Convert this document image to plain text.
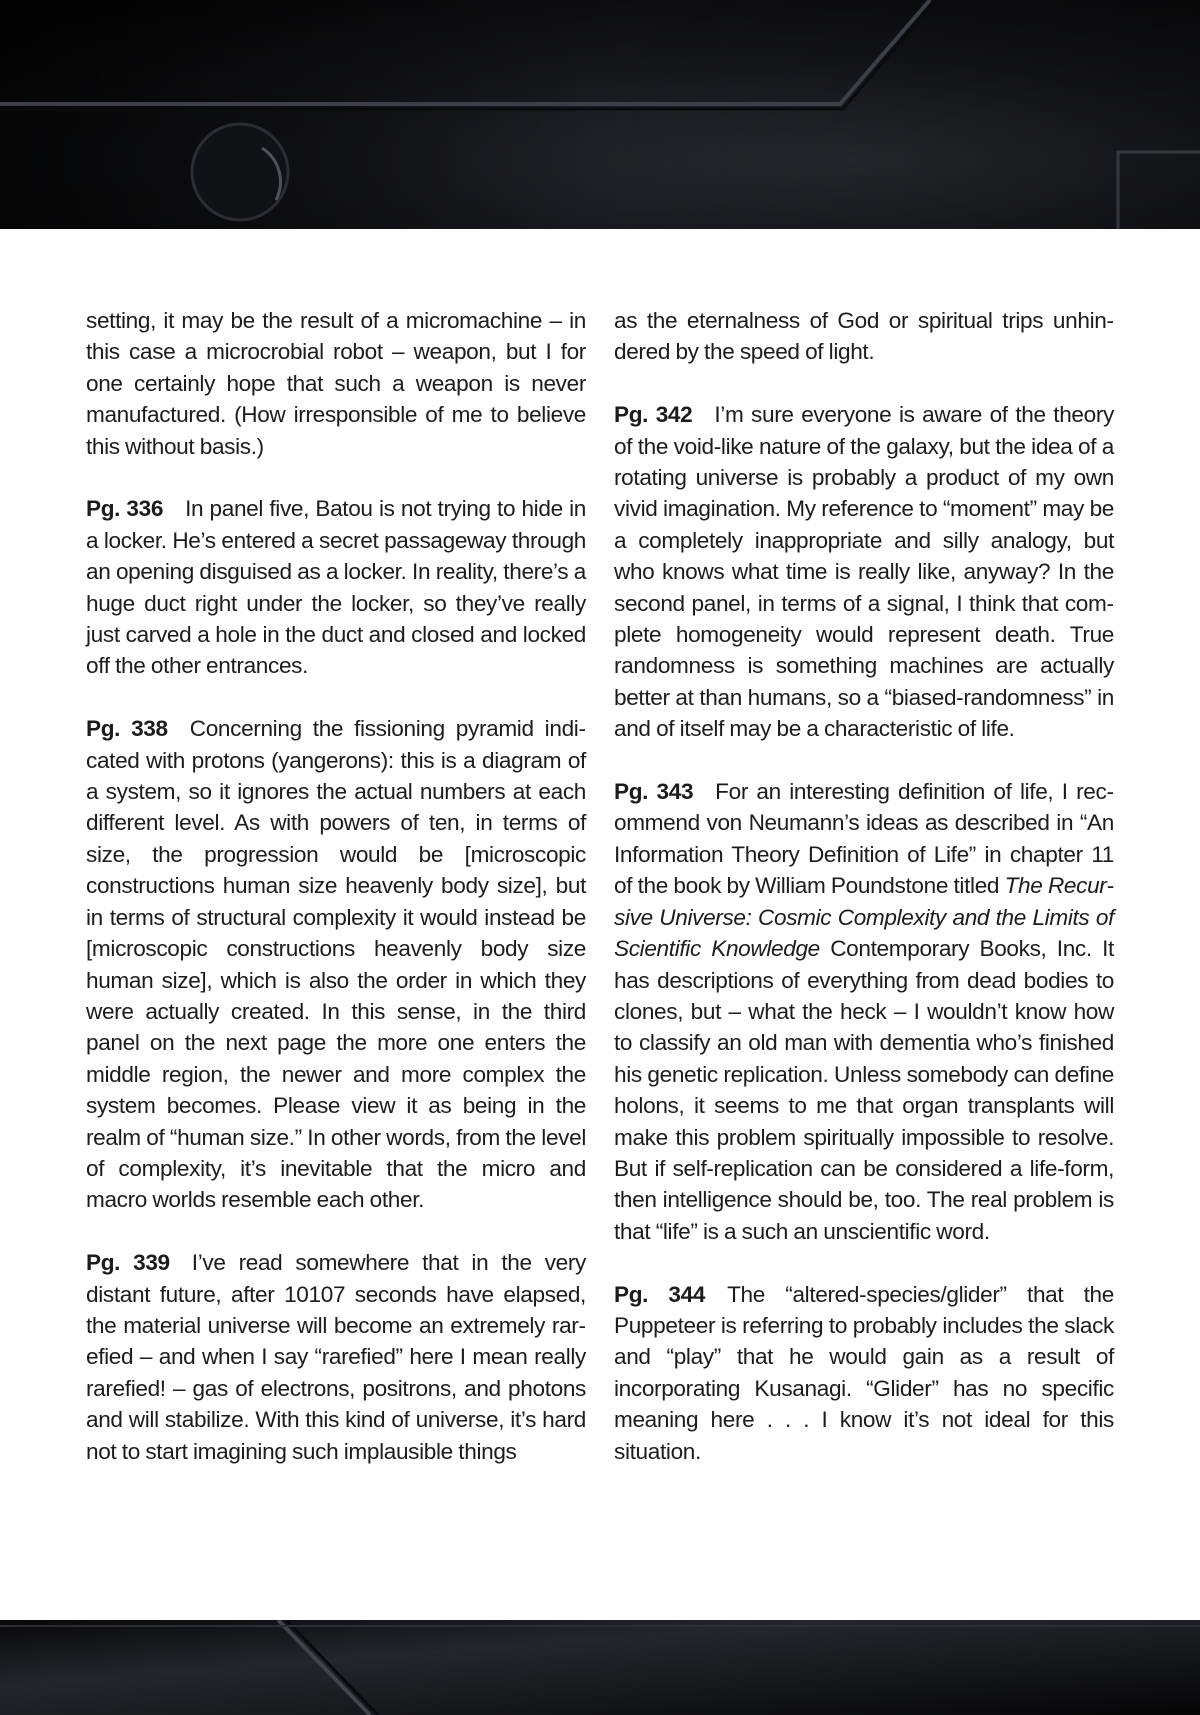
setting, it may be the result of a micromachine – in this case a microcrobial robot – weapon, but I for one certainly hope that such a weapon is never manufactured. (How irresponsible of me to believe this without basis.)

Pg. 336 In panel five, Batou is not trying to hide in a locker. He’s entered a secret passageway through an opening disguised as a locker. In reality, there’s a huge duct right under the locker, so they’ve really just carved a hole in the duct and closed and locked off the other entrances.

Pg. 338 Concerning the fissioning pyramid indicated with protons (yangerons): this is a diagram of a system, so it ignores the actual numbers at each different level. As with powers of ten, in terms of size, the progression would be [microscopic constructions human size heavenly body size], but in terms of structural complexity it would instead be [microscopic constructions heavenly body size human size], which is also the order in which they were actually created. In this sense, in the third panel on the next page the more one enters the middle region, the newer and more complex the system becomes. Please view it as being in the realm of “human size.” In other words, from the level of complexity, it’s inevitable that the micro and macro worlds resemble each other.

Pg. 339 I’ve read somewhere that in the very distant future, after 10107 seconds have elapsed, the material universe will become an extremely rarefied – and when I say “rarefied” here I mean really rarefied! – gas of electrons, positrons, and photons and will stabilize. With this kind of universe, it’s hard not to start imagining such implausible things

as the eternalness of God or spiritual trips unhindered by the speed of light.

Pg. 342 I’m sure everyone is aware of the theory of the void-like nature of the galaxy, but the idea of a rotating universe is probably a product of my own vivid imagination. My reference to “moment” may be a completely inappropriate and silly analogy, but who knows what time is really like, anyway? In the second panel, in terms of a signal, I think that complete homogeneity would represent death. True randomness is something machines are actually better at than humans, so a “biased-randomness” in and of itself may be a characteristic of life.

Pg. 343 For an interesting definition of life, I recommend von Neumann’s ideas as described in “An Information Theory Definition of Life” in chapter 11 of the book by William Poundstone titled The Recursive Universe: Cosmic Complexity and the Limits of Scientific Knowledge Contemporary Books, Inc. It has descriptions of everything from dead bodies to clones, but – what the heck – I wouldn’t know how to classify an old man with dementia who’s finished his genetic replication. Unless somebody can define holons, it seems to me that organ transplants will make this problem spiritually impossible to resolve. But if self-replication can be considered a life-form, then intelligence should be, too. The real problem is that “life” is a such an unscientific word.

Pg. 344 The “altered-species/glider” that the Puppeteer is referring to probably includes the slack and “play” that he would gain as a result of incorporating Kusanagi. “Glider” has no specific meaning here . . . I know it’s not ideal for this situation.
